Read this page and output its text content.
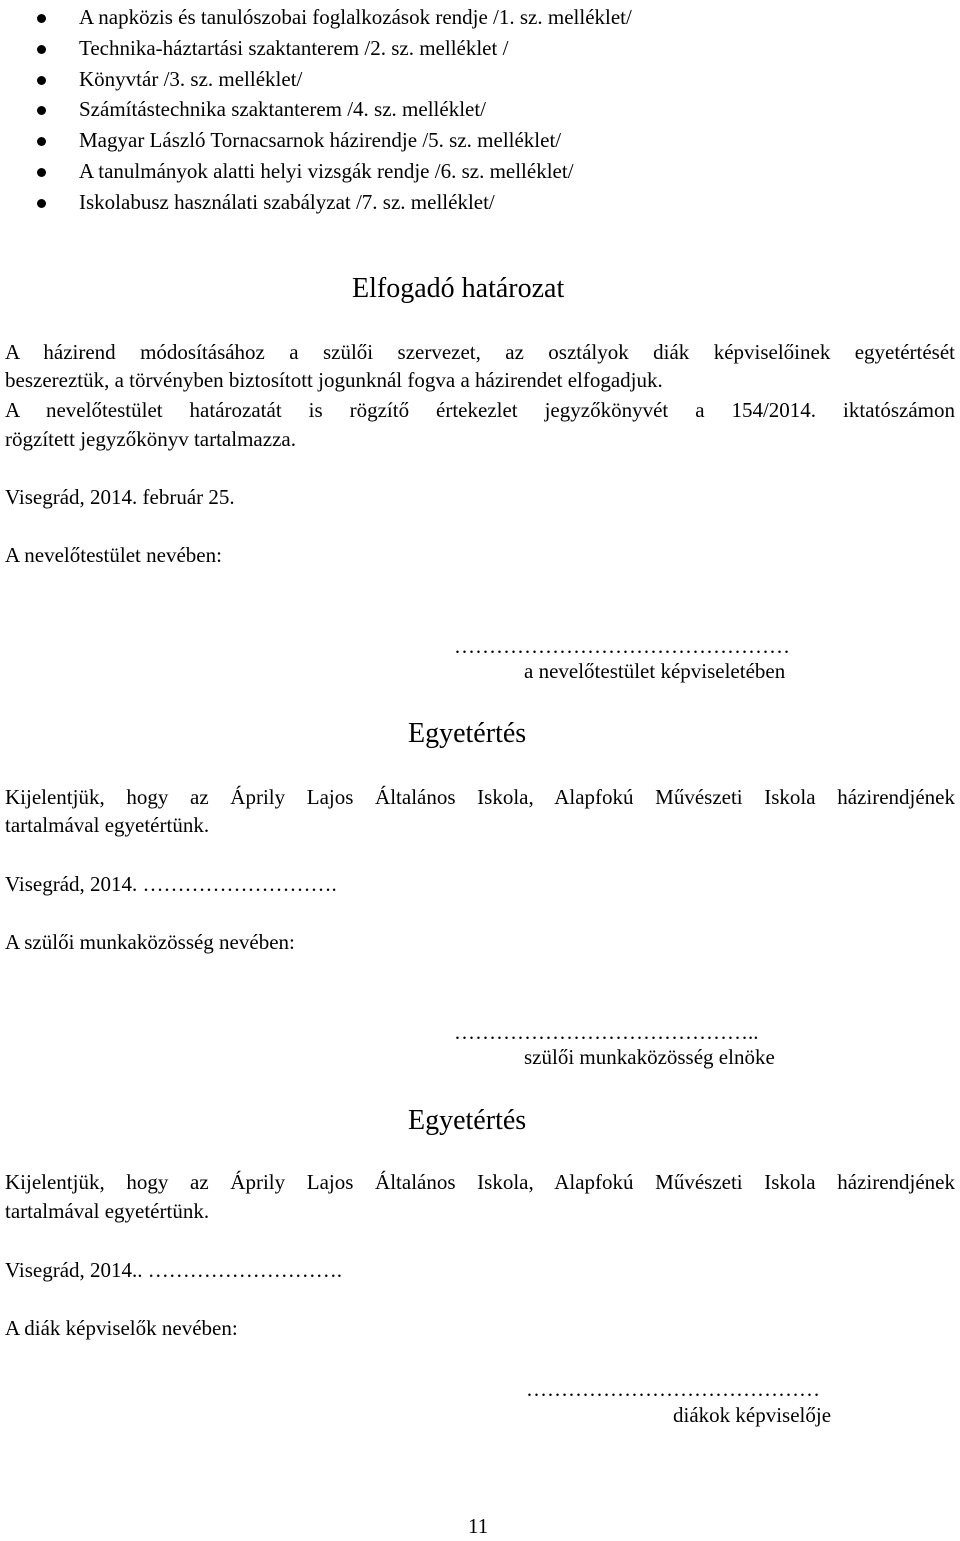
A napközis és tanulószobai foglalkozások rendje /1. sz. melléklet/
Technika-háztartási szaktanterem /2. sz. melléklet /
Könyvtár /3. sz. melléklet/
Számítástechnika szaktanterem /4. sz. melléklet/
Magyar László Tornacsarnok házirendje /5. sz. melléklet/
A tanulmányok alatti helyi vizsgák rendje /6. sz. melléklet/
Iskolabusz használati szabályzat /7. sz. melléklet/
Elfogadó határozat
A házirend módosításához a szülői szervezet, az osztályok diák képviselőinek egyetértését
beszereztük, a törvényben biztosított jogunknál fogva a házirendet elfogadjuk.
A nevelőtestület határozatát is rögzítő értekezlet jegyzőkönyvét a 154/2014. iktatószámon
rögzített jegyzőkönyv tartalmazza.
Visegrád, 2014. február 25.
A nevelőtestület nevében:
…………………………………………
a nevelőtestület képviseletében
Egyetértés
Kijelentjük, hogy az Áprily Lajos Általános Iskola, Alapfokú Művészeti Iskola házirendjének
tartalmával egyetértünk.
Visegrád, 2014. ……………………….
A szülői munkaközösség nevében:
……………………………………..
szülői munkaközösség elnöke
Egyetértés
Kijelentjük, hogy az Áprily Lajos Általános Iskola, Alapfokú Művészeti Iskola házirendjének
tartalmával egyetértünk.
Visegrád, 2014.. ……………………….
A diák képviselők nevében:
……………………………………
diákok képviselője
11
